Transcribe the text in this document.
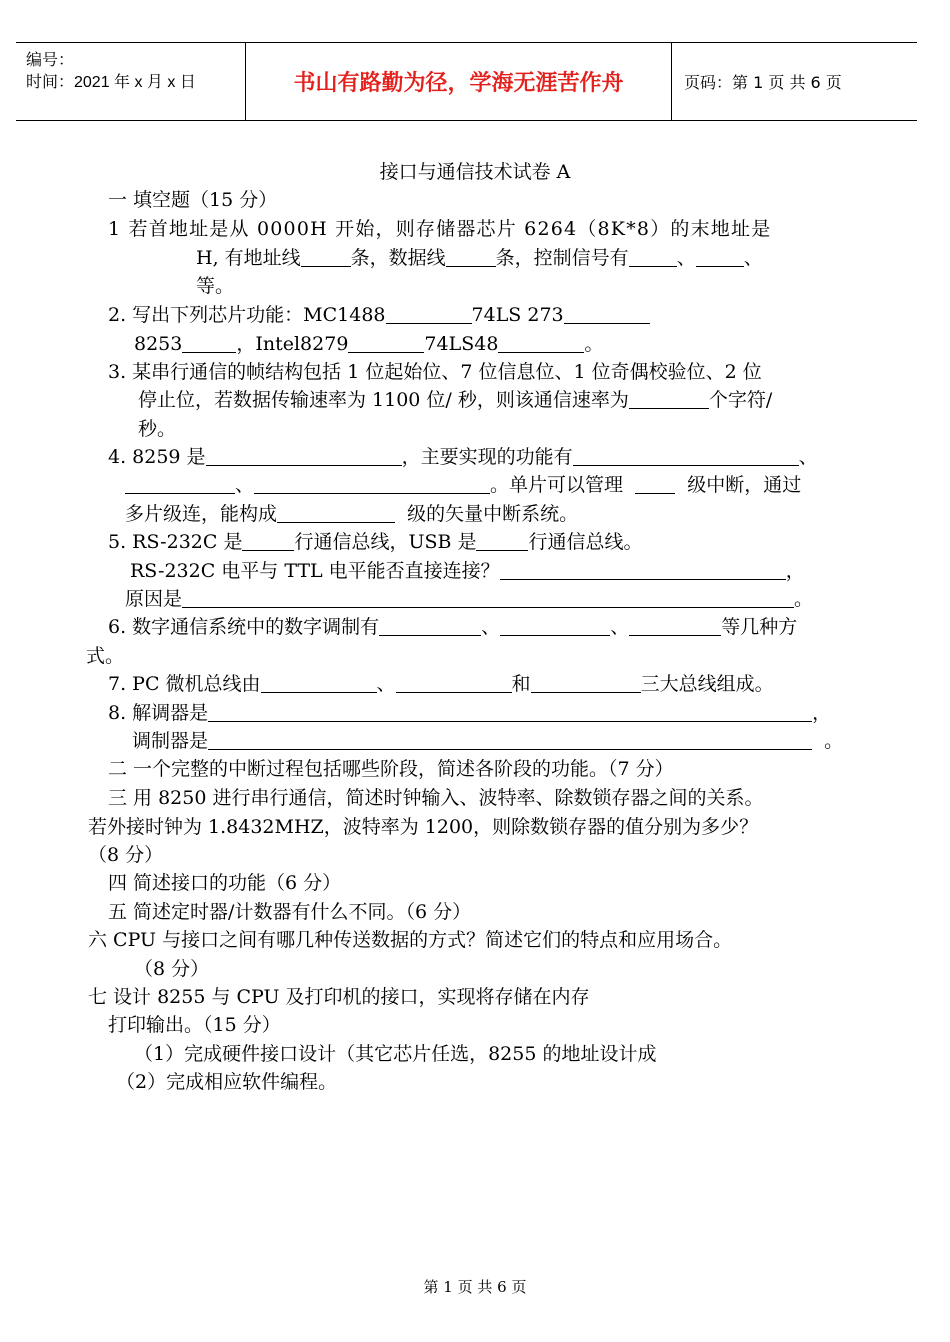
编号：
时间：2021 年 x 月 x 日	书山有路勤为径，学海无涯苦作舟	页码：第 1 页 共 6 页
接口与通信技术试卷 A
一 填空题（15 分）
1 若首地址是从 0000H 开始，则存储器芯片 6264（8K*8）的末地址是
H, 有地址线	条，数据线	条，控制信号有	、	、
等。
2. 写出下列芯片功能：MC1488	74LS 273
8253	，Intel8279	74LS48	。
3. 某串行通信的帧结构包括 1 位起始位、7 位信息位、1 位奇偶校验位、2 位
停止位，若数据传输速率为 1100 位/ 秒，则该通信速率为	个字符/
秒。
4. 8259 是	，主要实现的功能有	、
、	。单片可以管理	级中断，通过
多片级连，能构成	级的矢量中断系统。
5. RS-232C 是	行通信总线，USB 是	行通信总线。
RS-232C 电平与 TTL 电平能否直接连接？	，
原因是	。
6. 数字通信系统中的数字调制有	、	、	等几种方
式。
7. PC 微机总线由	、	和	三大总线组成。
8. 解调器是	，
调制器是	。
二 一个完整的中断过程包括哪些阶段，简述各阶段的功能。（7 分）
三 用 8250 进行串行通信，简述时钟输入、波特率、除数锁存器之间的关系。
若外接时钟为 1.8432MHZ，波特率为 1200，则除数锁存器的值分别为多少？
（8 分）
四 简述接口的功能（6 分）
五 简述定时器/计数器有什么不同。（6 分）
六 CPU 与接口之间有哪几种传送数据的方式？简述它们的特点和应用场合。
（8 分）
七 设计 8255 与 CPU 及打印机的接口，实现将存储在内存
打印输出。（15 分）
（1）完成硬件接口设计（其它芯片任选，8255 的地址设计成
（2）完成相应软件编程。
第 1 页 共 6 页
